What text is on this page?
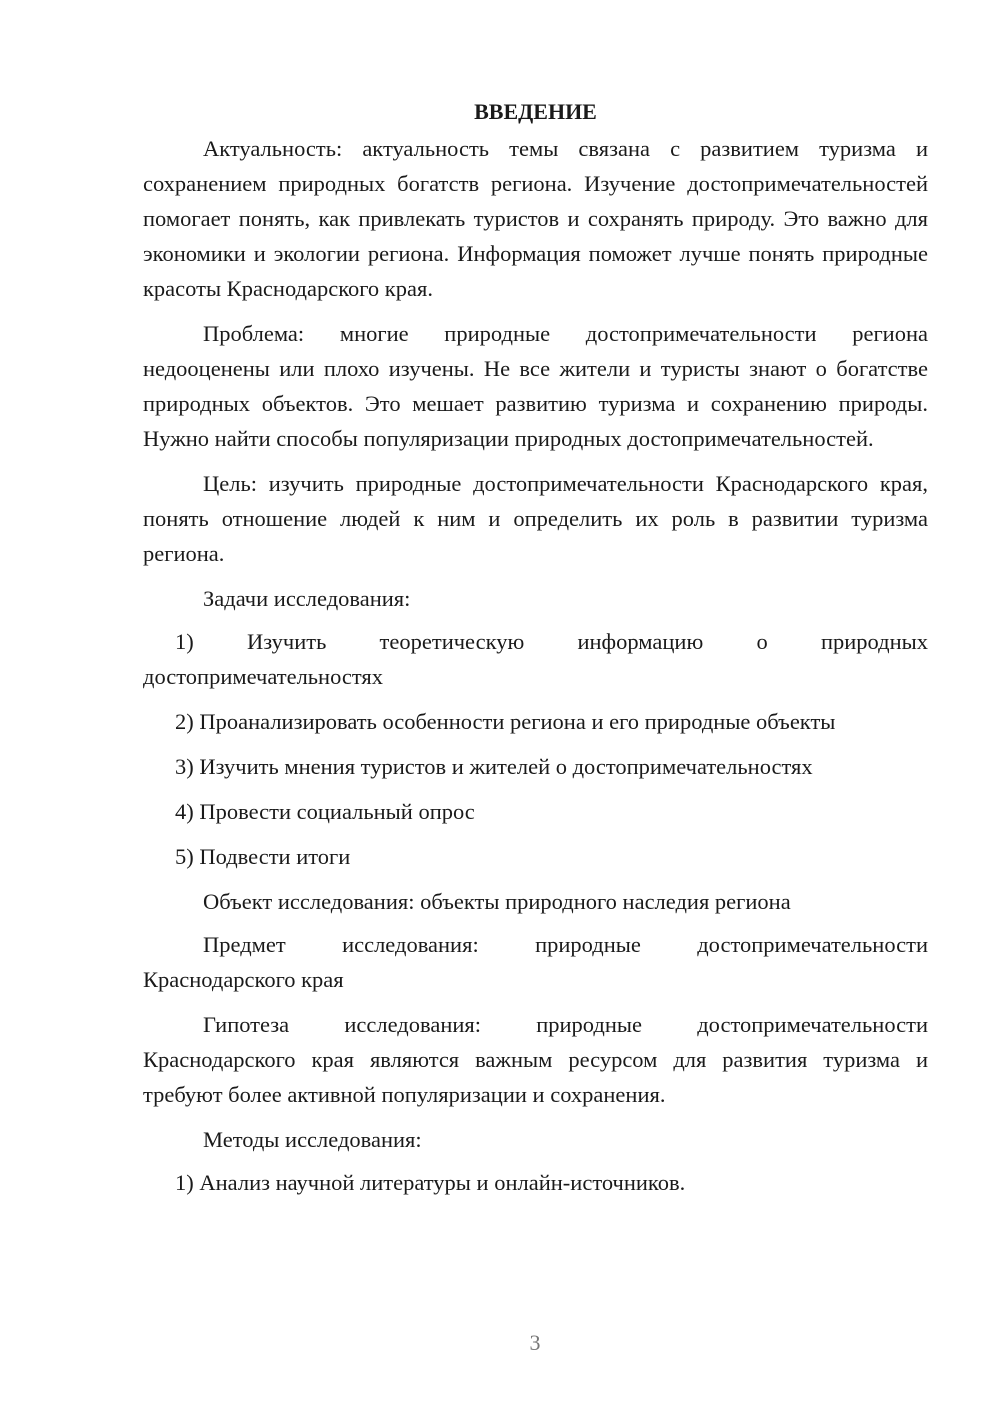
ВВЕДЕНИЕ

Актуальность: актуальность темы связана с развитием туризма и сохранением природных богатств региона. Изучение достопримечательностей помогает понять, как привлекать туристов и сохранять природу. Это важно для экономики и экологии региона. Информация поможет лучше понять природные красоты Краснодарского края.

Проблема: многие природные достопримечательности региона недооценены или плохо изучены. Не все жители и туристы знают о богатстве природных объектов. Это мешает развитию туризма и сохранению природы. Нужно найти способы популяризации природных достопримечательностей.

Цель: изучить природные достопримечательности Краснодарского края, понять отношение людей к ним и определить их роль в развитии туризма региона.

Задачи исследования:

1) Изучить теоретическую информацию о природных

достопримечательностях

2) Проанализировать особенности региона и его природные объекты

3) Изучить мнения туристов и жителей о достопримечательностях

4) Провести социальный опрос

5) Подвести итоги

Объект исследования: объекты природного наследия региона

Предмет исследования: природные достопримечательности Краснодарского края

Гипотеза исследования: природные достопримечательности Краснодарского края являются важным ресурсом для развития туризма и требуют более активной популяризации и сохранения.

Методы исследования:

1) Анализ научной литературы и онлайн-источников.

3
